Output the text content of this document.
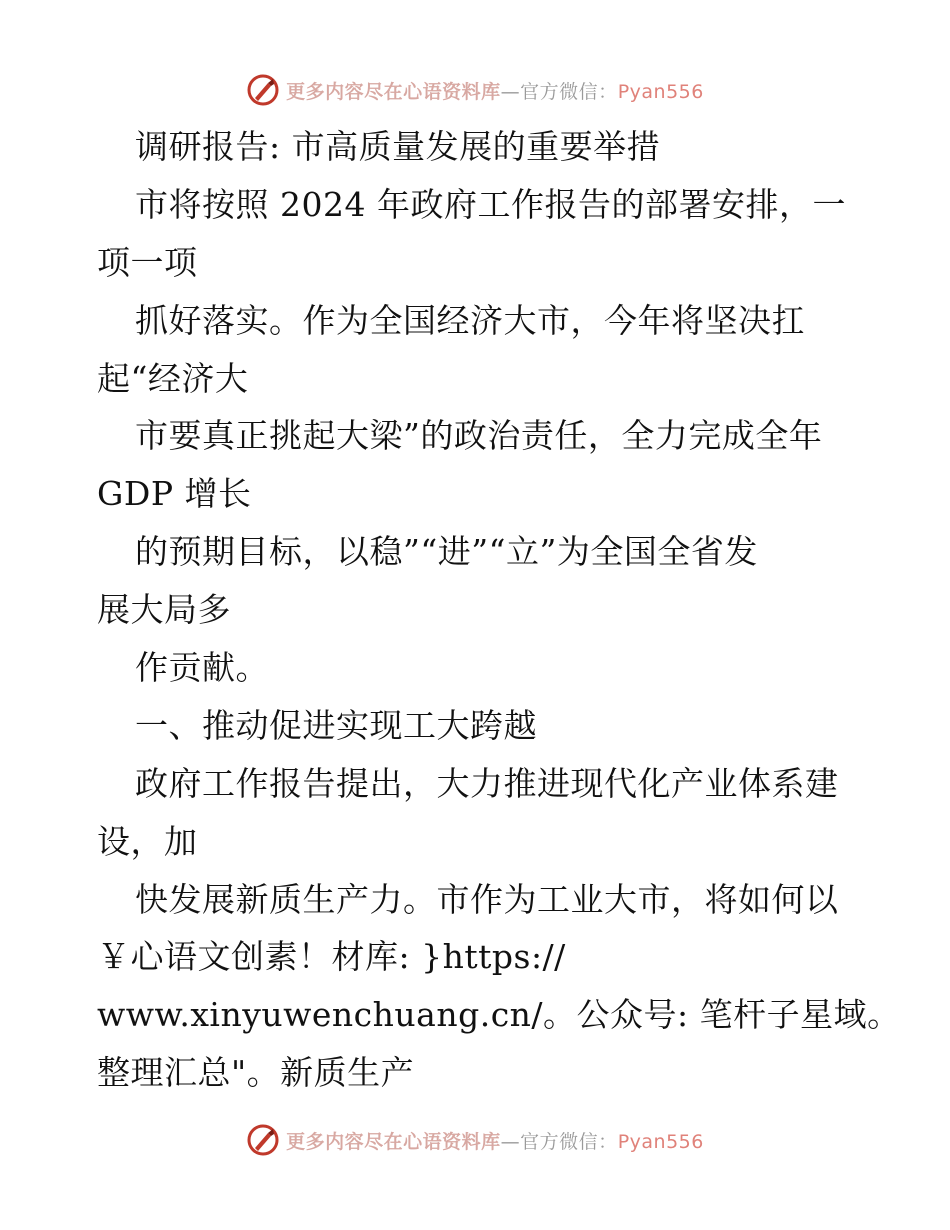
更多内容尽在心语资料库—官方微信：Pyan556
调研报告: 市高质量发展的重要举措
市将按照 2024 年政府工作报告的部署安排，一
项一项
抓好落实。作为全国经济大市，今年将坚决扛
起“经济大
市要真正挑起大梁”的政治责任，全力完成全年
GDP 增长
的预期目标，以稳”“进”“立”为全国全省发
展大局多
作贡献。
一、推动促进实现工大跨越
政府工作报告提出，大力推进现代化产业体系建
设，加
快发展新质生产力。市作为工业大市，将如何以
￥心语文创素！材库: }https://
www.xinyuwenchuang.cn/。公众号: 笔杆子星域。
整理汇总"。新质生产
更多内容尽在心语资料库—官方微信：Pyan556
